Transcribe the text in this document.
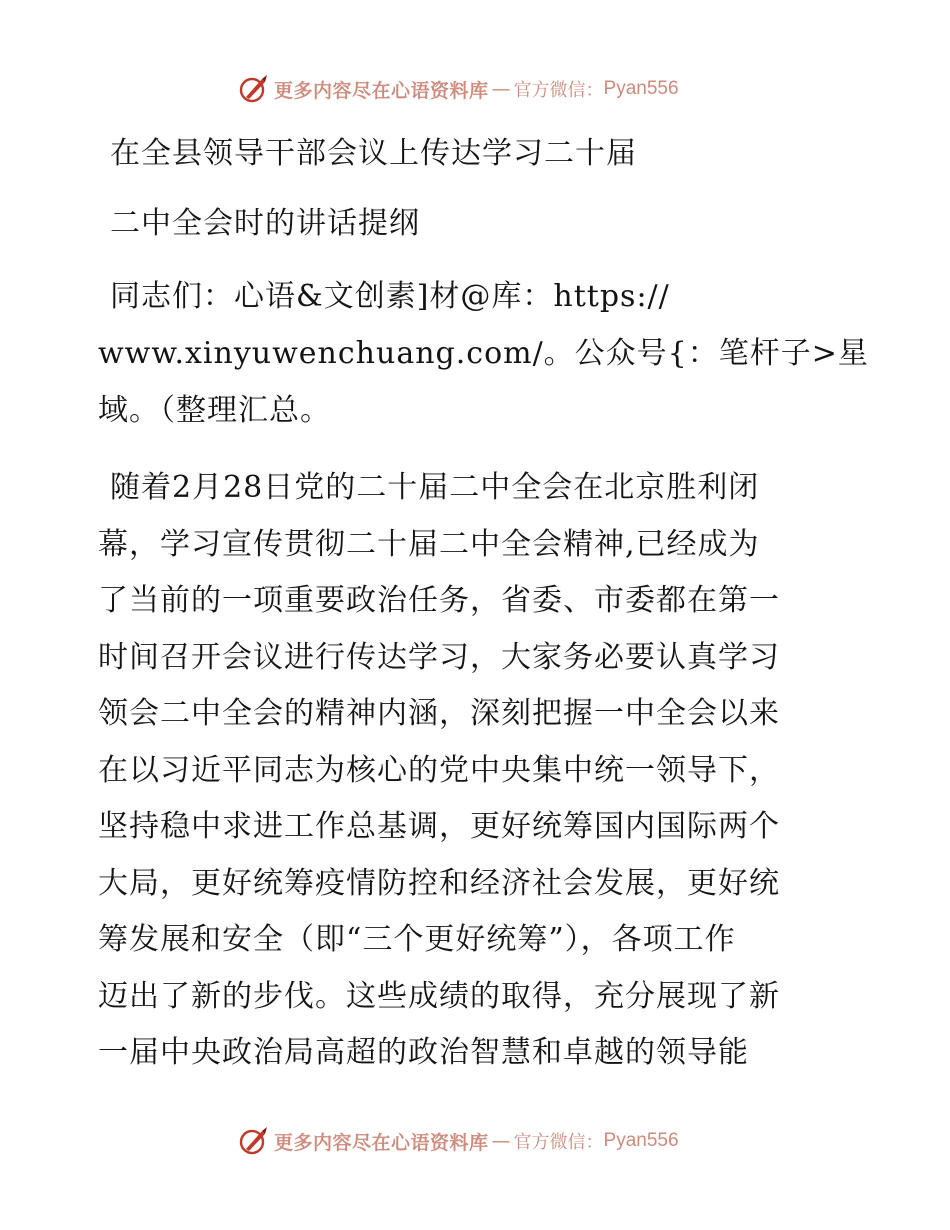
更多内容尽在心语资料库 — 官方微信： Pyan556
在全县领导干部会议上传达学习二十届
二中全会时的讲话提纲
同志们：心语&文创素]材@库：https://
www.xinyuwenchuang.com/。公众号{：笔杆子>星
域。（整理汇总。
随着2月28日党的二十届二中全会在北京胜利闭
幕，学习宣传贯彻二十届二中全会精神,已经成为
了当前的一项重要政治任务，省委、市委都在第一
时间召开会议进行传达学习，大家务必要认真学习
领会二中全会的精神内涵，深刻把握一中全会以来
在以习近平同志为核心的党中央集中统一领导下，
坚持稳中求进工作总基调，更好统筹国内国际两个
大局，更好统筹疫情防控和经济社会发展，更好统
筹发展和安全（即“三个更好统筹”），各项工作
迈出了新的步伐。这些成绩的取得，充分展现了新
一届中央政治局高超的政治智慧和卓越的领导能
更多内容尽在心语资料库 — 官方微信： Pyan556
